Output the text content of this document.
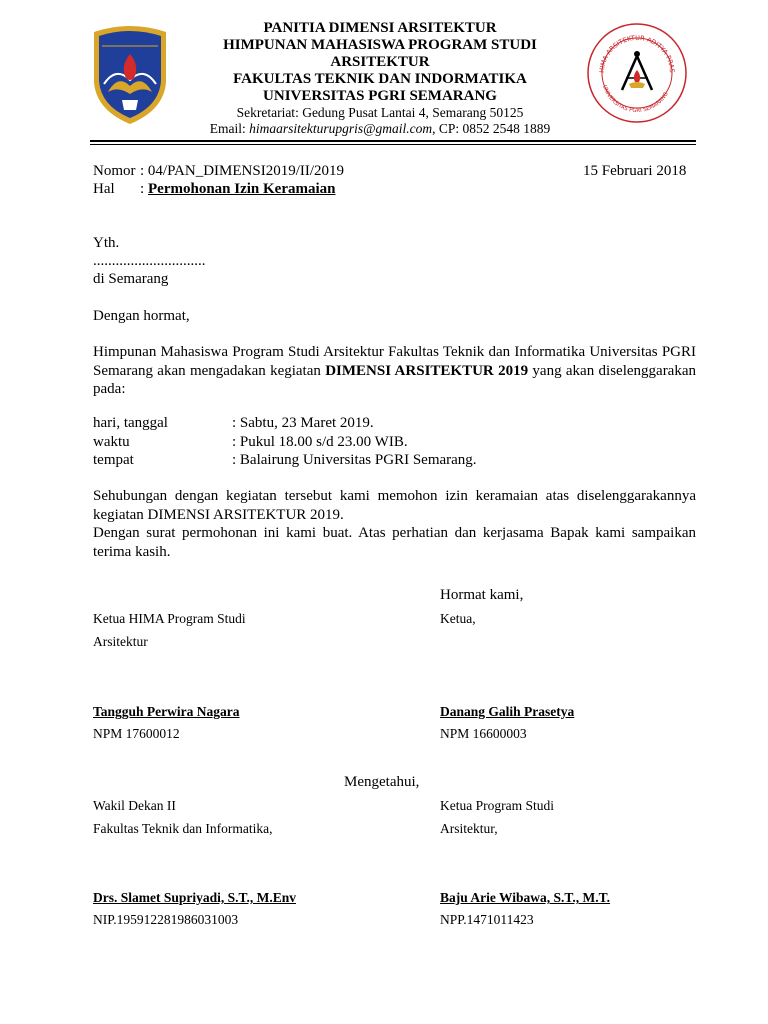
PANITIA DIMENSI ARSITEKTUR

HIMPUNAN MAHASISWA PROGRAM STUDI

ARSITEKTUR

FAKULTAS TEKNIK DAN INDORMATIKA

UNIVERSITAS PGRI SEMARANG

Sekretariat: Gedung Pusat Lantai 4, Semarang 50125

Email: himaarsitekturupgris@gmail.com, CP: 0852 2548 1889

HIMA ARSITEKTUR ADITYA PRAS
UNIVERSITAS PGRI SEMARANG
Nomor : 04/PAN_DIMENSI2019/II/2019	15 Februari 2018
Hal : Permohonan Izin Keramaian
Yth.
..............................
di Semarang
Dengan hormat,

Himpunan Mahasiswa Program Studi Arsitektur Fakultas Teknik dan Informatika Universitas PGRI Semarang akan mengadakan kegiatan DIMENSI ARSITEKTUR 2019 yang akan diselenggarakan pada:

hari, tanggal	: Sabtu, 23 Maret 2019.
waktu	: Pukul 18.00 s/d 23.00 WIB.
tempat	: Balairung Universitas PGRI Semarang.

Sehubungan dengan kegiatan tersebut kami memohon izin keramaian atas diselenggarakannya kegiatan DIMENSI ARSITEKTUR 2019.

Dengan surat permohonan ini kami buat. Atas perhatian dan kerjasama Bapak kami sampaikan terima kasih.

Hormat kami,
Ketua HIMA Program Studi	Ketua,
Arsitektur
Tangguh Perwira Nagara	Danang Galih Prasetya
NPM 17600012	NPM 16600003
Mengetahui,
Wakil Dekan II	Ketua Program Studi
Fakultas Teknik dan Informatika,	Arsitektur,
Drs. Slamet Supriyadi, S.T., M.Env	Baju Arie Wibawa, S.T., M.T.
NIP.195912281986031003	NPP.1471011423
